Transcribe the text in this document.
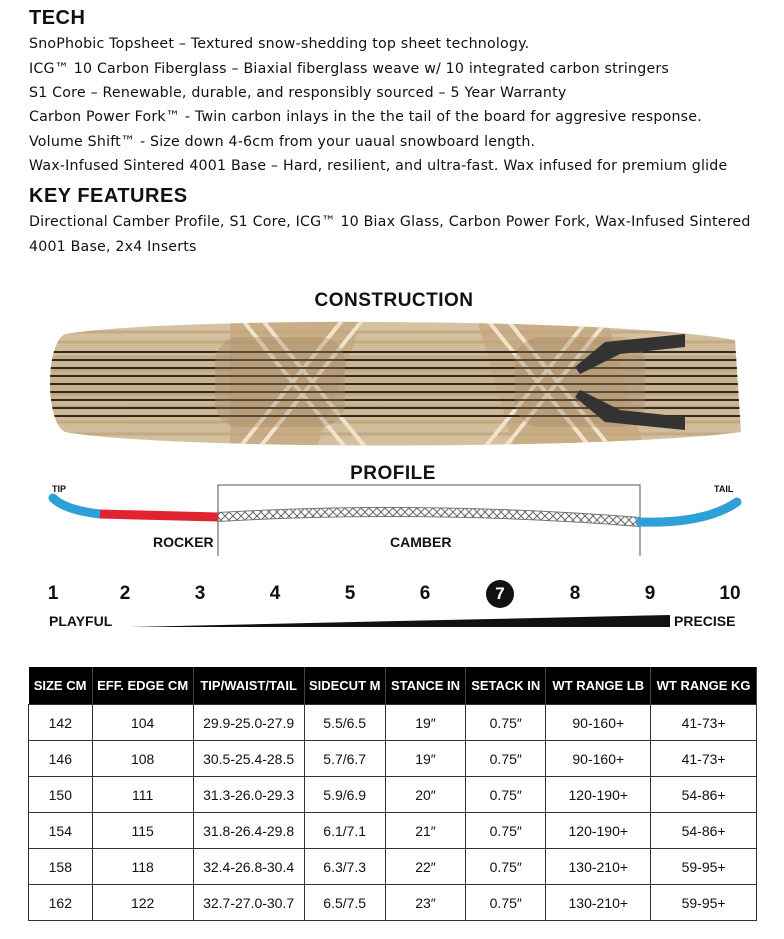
TECH
SnoPhobic Topsheet – Textured snow-shedding top sheet technology.
ICG™ 10 Carbon Fiberglass – Biaxial fiberglass weave w/ 10 integrated carbon stringers
S1 Core – Renewable, durable, and responsibly sourced – 5 Year Warranty
Carbon Power Fork™ - Twin carbon inlays in the the tail of the board for aggresive response.
Volume Shift™ - Size down 4-6cm from your uaual snowboard length.
Wax-Infused Sintered 4001 Base – Hard, resilient, and ultra-fast. Wax infused for premium glide
KEY FEATURES
Directional Camber Profile, S1 Core, ICG™ 10 Biax Glass, Carbon Power Fork, Wax-Infused Sintered 4001 Base, 2x4 Inserts
CONSTRUCTION
PROFILE
TIP	TAIL
ROCKER	CAMBER
1	2	3	4	5	6	7	8	9	10
PLAYFUL	PRECISE
SIZE CM	EFF. EDGE CM	TIP/WAIST/TAIL	SIDECUT M	STANCE IN	SETACK IN	WT RANGE LB	WT RANGE KG
142	104	29.9-25.0-27.9	5.5/6.5	19″	0.75″	90-160+	41-73+
146	108	30.5-25.4-28.5	5.7/6.7	19″	0.75″	90-160+	41-73+
150	111	31.3-26.0-29.3	5.9/6.9	20″	0.75″	120-190+	54-86+
154	115	31.8-26.4-29.8	6.1/7.1	21″	0.75″	120-190+	54-86+
158	118	32.4-26.8-30.4	6.3/7.3	22″	0.75″	130-210+	59-95+
162	122	32.7-27.0-30.7	6.5/7.5	23″	0.75″	130-210+	59-95+
